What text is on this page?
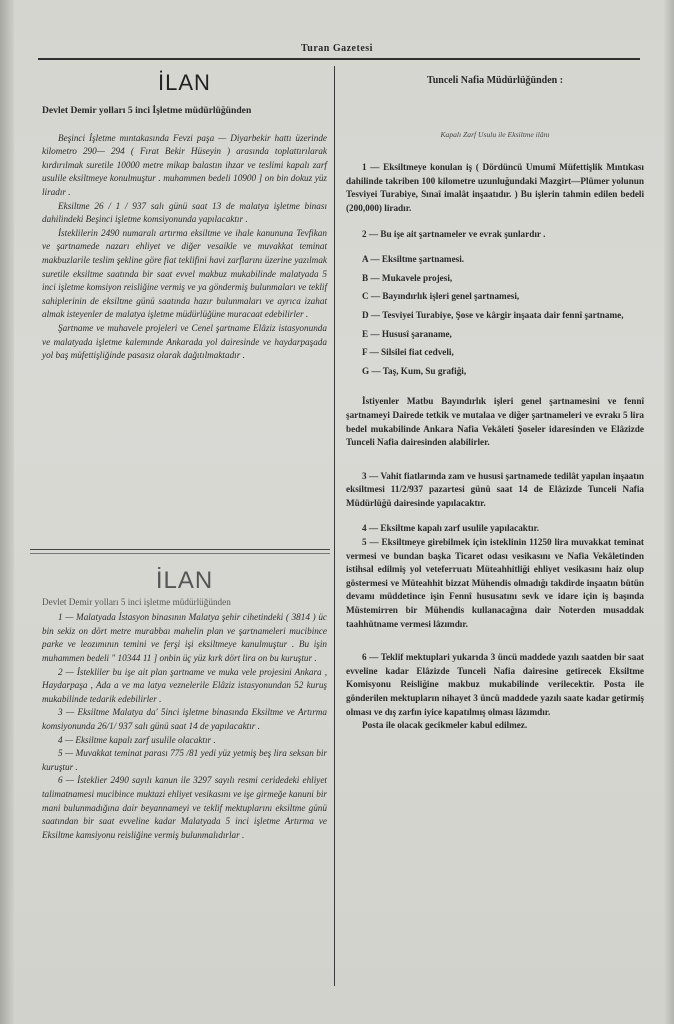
Turan Gazetesi
İLAN
Devlet Demir yolları 5 inci İşletme müdürlüğünden

Beşinci İşletme mıntakasında Fevzi paşa — Diyarbekir hattı üzerinde kilometro 290— 294 ( Fırat Bekir Hüseyin ) arasında toplattırılarak kırdırılmak suretile 10000 metre mikap balastın ihzar ve teslimi kapalı zarf usulile eksiltmeye konulmuştur . muhammen bedeli 10900 ] on bin dokuz yüz liradır .

Eksiltme 26 / 1 / 937 salı günü saat 13 de malatya işletme binası dahilindeki Beşinci işletme komsiyonunda yapılacaktır .

İsteklilerin 2490 numaralı artırma eksiltme ve ihale kanununa Tevfikan ve şartnamede nazarı ehliyet ve diğer vesaikle ve muvakkat teminat makbuzlarile teslim şekline göre fiat teklifini havi zarflarını üzerine yazılmak suretile eksiltme saatında bir saat evvel makbuz mukabilinde malatyada 5 inci işletme komsiyon reisliğine vermiş ve ya göndermiş bulunmaları ve teklif sahiplerinin de eksiltme günü saatında hazır bulunmaları ve ayrıca izahat almak isteyenler de malatya işletme müdürlüğüne muracaat edebilirler .

Şartname ve muhavele projeleri ve Cenel şartname Elâziz istasyonunda ve malatyada işletme kalemınde Ankarada yol dairesinde ve haydarpaşada yol baş müfettişliğinde pasasız olarak dağıtılmaktadır .

İLAN
Devlet Demir yolları 5 inci işletme müdürlüğünden

1 — Malatyada İstasyon binasının Malatya şehir cihetindeki ( 3814 ) üc bin sekiz on dört metre murabbaı mahelin plan ve şartnameleri mucibince parke ve leozımının temini ve ferşi işi eksiltmeye kanulmuştur . Bu işin muhammen bedeli " 10344 11 ] onbin üç yüz kırk dört lira on bu kuruştur .

2 — İstekliler bu işe ait plan şartname ve muka vele projesini Ankara , Haydarpaşa , Ada a ve ma latya veznelerile Elâziz istasyonundan 52 kuruş mukabilinde tedarik edebilirler .

3 — Eksiltme Malatya da' 5inci işletme binasında Eksiltme ve Artırma komsiyonunda 26/1/ 937 salı günü saat 14 de yapılacaktır .

4 — Eksiltme kapalı zarf usulile olacaktır .

5 — Muvakkat teminat parası 775 /81 yedi yüz yetmiş beş lira seksan bir kuruştur .

6 — İsteklier 2490 sayılı kanun ile 3297 sayılı resmi ceridedeki ehliyet talimatnamesi mucibince muktazi ehliyet vesikasını ve işe girmeğe kanuni bir mani bulunmadığına dair beyannameyi ve teklif mektuplarını eksiltme günü saatından bir saat evveline kadar Malatyada 5 inci işletme Artırma ve Eksiltme kamsiyonu reisliğine vermiş bulunmalıdırlar .

Tunceli Nafia Müdürlüğünden :
Kapalı Zarf Usulu ile Eksiltme ilânı

1 — Eksiltmeye konulan iş ( Dördüncü Umumî Müfettişlik Mıntıkası dahilinde takriben 100 kilometre uzunluğundaki Mazgirt—Plümer yolunun Tesviyei Turabiye, Sınaî imalât inşaatıdır. ) Bu işlerin tahmin edilen bedeli (200,000) liradır.

2 — Bu işe ait şartnameler ve evrak şunlardır .

A — Eksiltme şartnamesi.
B — Mukavele projesi,
C — Bayındırlık işleri genel şartnamesi,
D — Tesviyei Turabiye, Şose ve kârgir inşaata dair fennî şartname,
E — Hususî şaraname,
F — Silsilei fiat cedveli,
G — Taş, Kum, Su grafiği,

İstiyenler Matbu Bayındırlık işleri genel şartnamesini ve fennî şartnameyi Dairede tetkik ve mutalaa ve diğer şartnameleri ve evrakı 5 lira bedel mukabilinde Ankara Nafia Vekâleti Şoseler idaresinden ve Elâzizde Tunceli Nafia dairesinden alabilirler.

3 — Vahit fiatlarında zam ve hususi şartnamede tedilât yapılan inşaatın eksiltmesi 11/2/937 pazartesi günü saat 14 de Elâzizde Tunceli Nafia Müdürlüğü dairesinde yapılacaktır.

4 — Eksiltme kapalı zarf usulile yapılacaktır.

5 — Eksiltmeye girebilmek için isteklinin 11250 lira muvakkat teminat vermesi ve bundan başka Ticaret odası vesikasını ve Nafia Vekâletinden istihsal edilmiş yol veteferruatı Müteahhitliği ehliyet vesikasını haiz olup göstermesi ve Müteahhit bizzat Mühendis olmadığı takdirde inşaatın bütün devamı müddetince işin Fennî hususatını sevk ve idare için iş başında Müstemirren bir Mühendis kullanacağına dair Noterden musaddak taahhütname vermesi lâzımdır.

6 — Teklif mektuplari yukarıda 3 üncü maddede yazılı saatden bir saat evveline kadar Elâzizde Tunceli Nafia dairesine getirecek Eksiltme Komisyonu Reisliğine makbuz mukabilinde verilecektir. Posta ile gönderilen mektupların nihayet 3 üncü maddede yazılı saate kadar getirmiş olması ve dış zarfın iyice kapatılmış olması lâzımdır.

Posta ile olacak gecikmeler kabul edilmez.
